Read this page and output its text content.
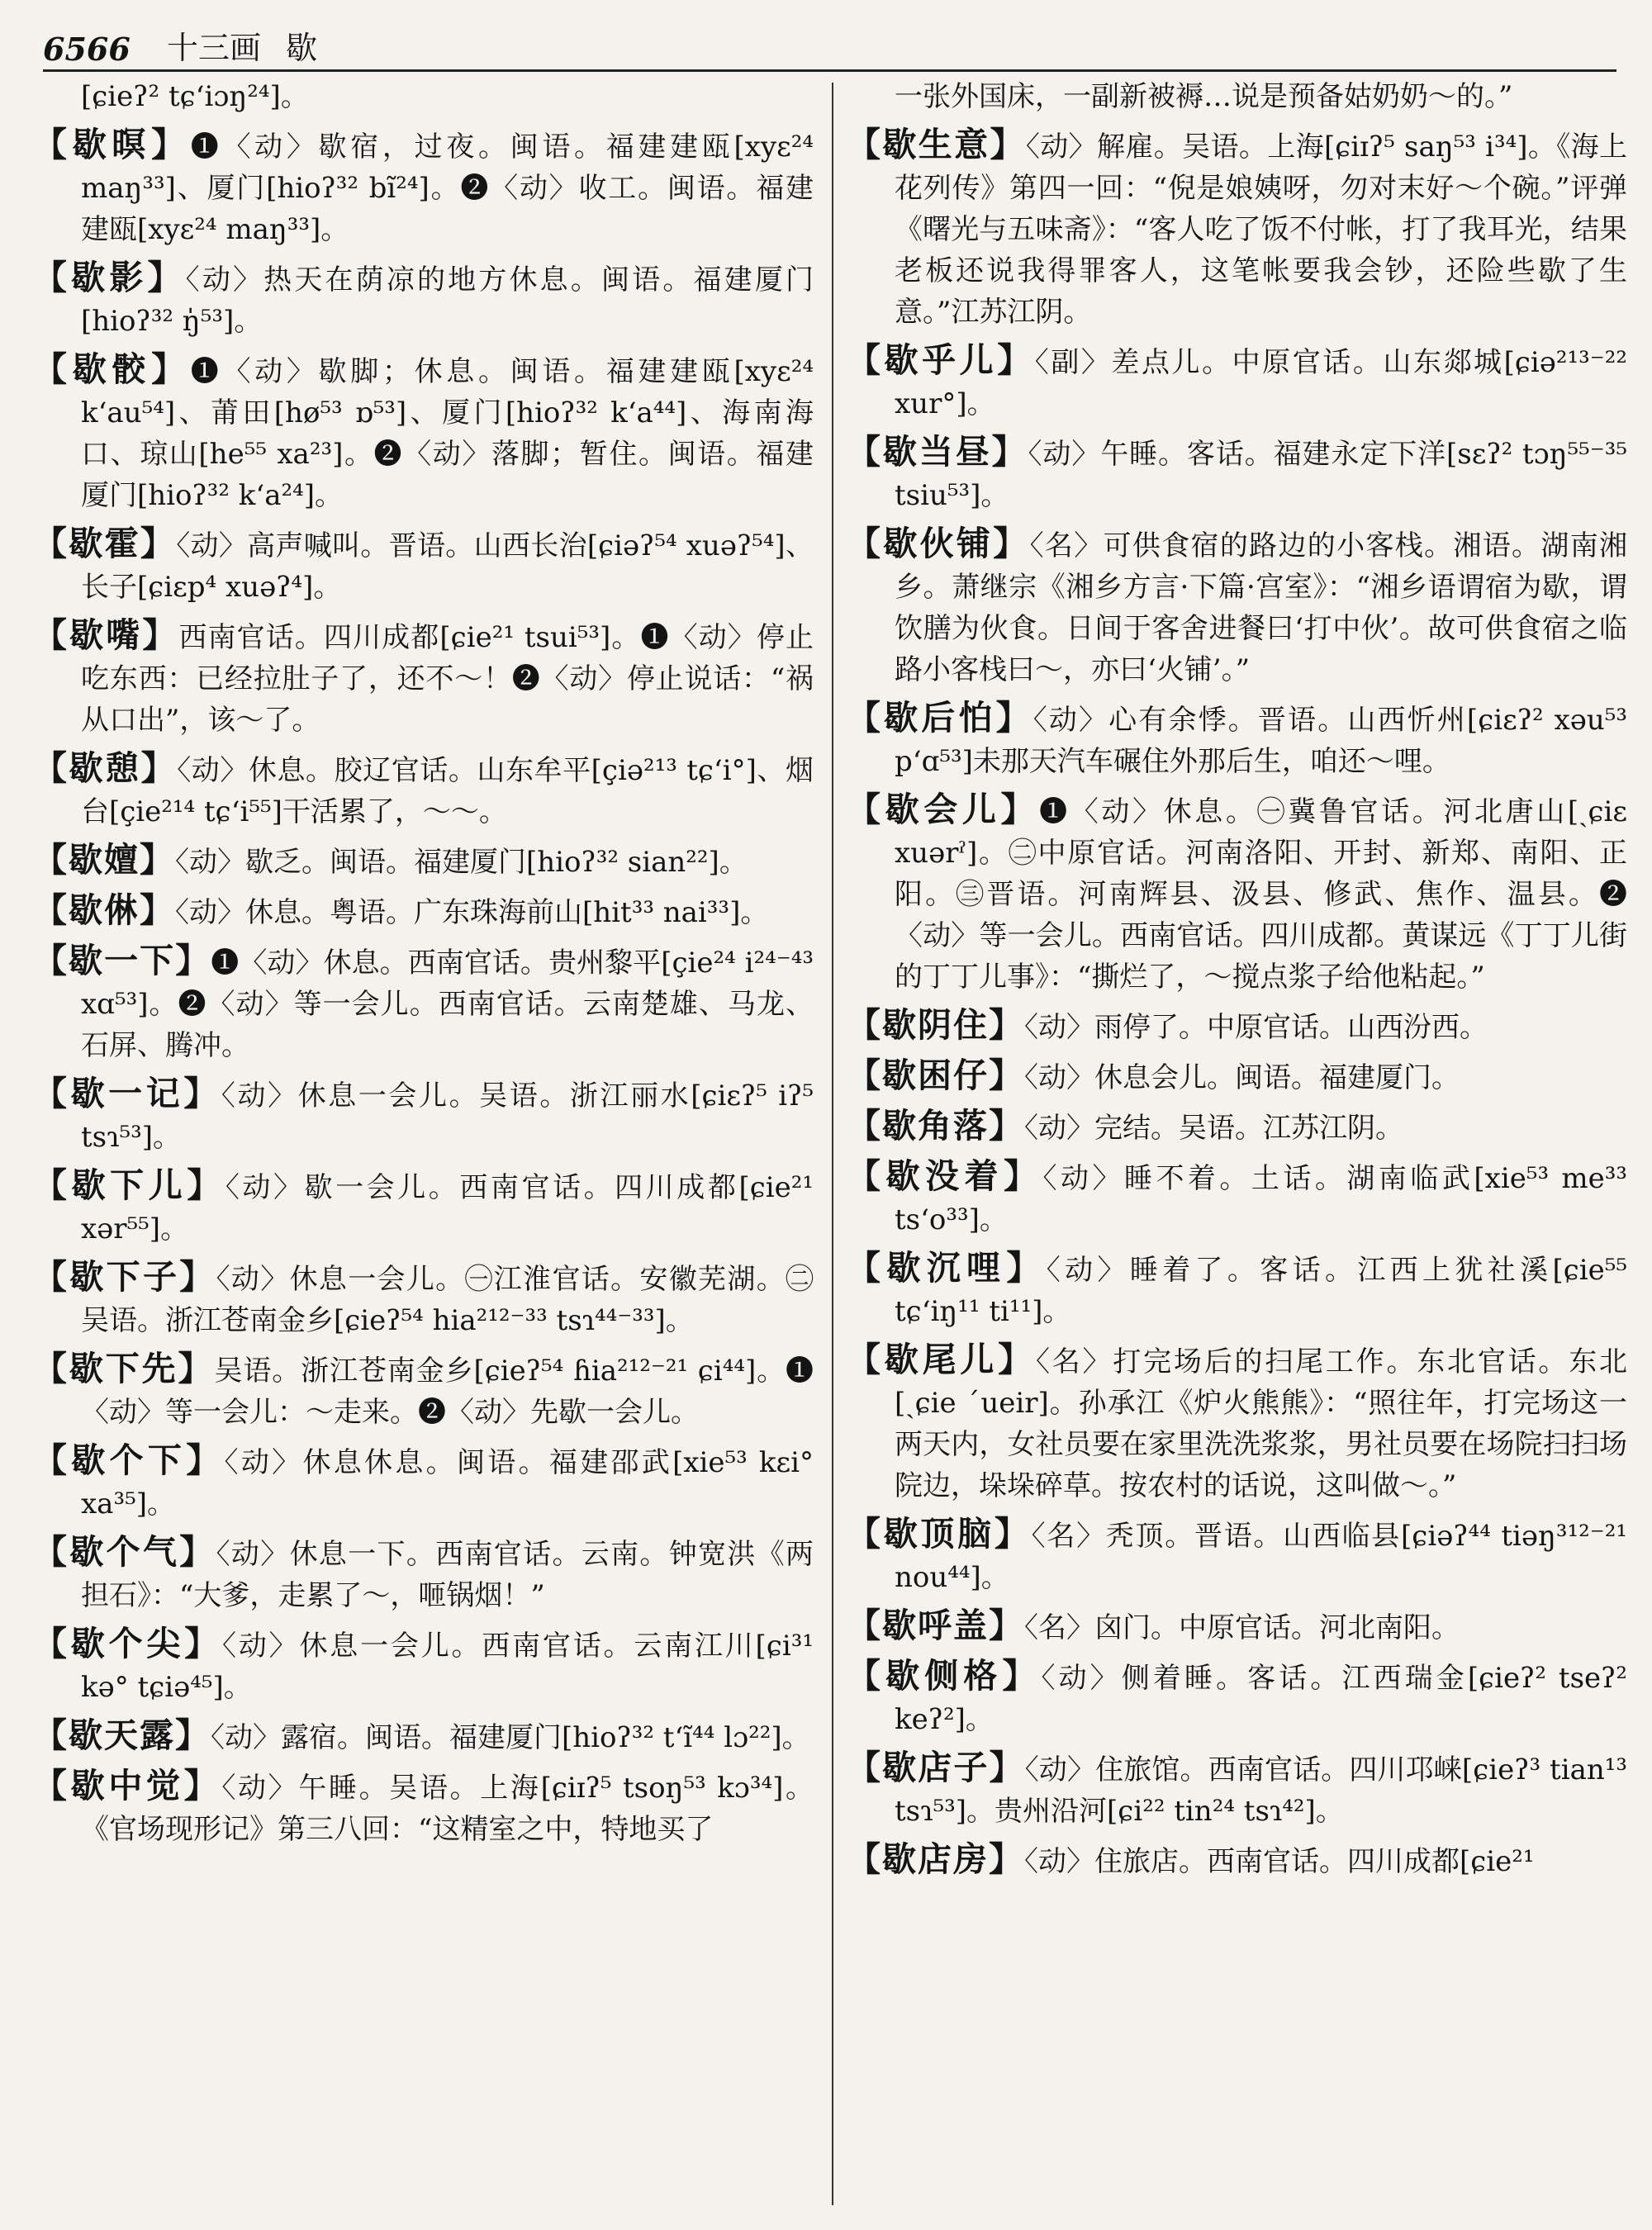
6566	十三画 歇
[ɕieʔ² tɕ‘iɔŋ²⁴]。
【歇暝】❶〈动〉歇宿，过夜。闽语。福建建瓯[xyɛ²⁴ maŋ³³]、厦门[hioʔ³² bĩ²⁴]。❷〈动〉收工。闽语。福建建瓯[xyɛ²⁴ maŋ³³]。
【歇影】〈动〉热天在荫凉的地方休息。闽语。福建厦门[hioʔ³² ŋ̍⁵³]。
【歇骹】❶〈动〉歇脚；休息。闽语。福建建瓯[xyɛ²⁴ k‘au⁵⁴]、莆田[hø⁵³ ɒ⁵³]、厦门[hioʔ³² k‘a⁴⁴]、海南海口、琼山[he⁵⁵ xa²³]。❷〈动〉落脚；暂住。闽语。福建厦门[hioʔ³² k‘a²⁴]。
【歇霍】〈动〉高声喊叫。晋语。山西长治[ɕiəʔ⁵⁴ xuəʔ⁵⁴]、长子[ɕiɛp⁴ xuəʔ⁴]。
【歇嘴】西南官话。四川成都[ɕie²¹ tsui⁵³]。❶〈动〉停止吃东西：已经拉肚子了，还不～！❷〈动〉停止说话：“祸从口出”，该～了。
【歇憩】〈动〉休息。胶辽官话。山东牟平[çiə²¹³ tɕ‘i°]、烟台[çie²¹⁴ tɕ‘i⁵⁵]干活累了，～～。
【歇嬗】〈动〉歇乏。闽语。福建厦门[hioʔ³² sian²²]。
【歇㑣】〈动〉休息。粤语。广东珠海前山[hit³³ nai³³]。
【歇一下】❶〈动〉休息。西南官话。贵州黎平[çie²⁴ i²⁴⁻⁴³ xɑ⁵³]。❷〈动〉等一会儿。西南官话。云南楚雄、马龙、石屏、腾冲。
【歇一记】〈动〉休息一会儿。吴语。浙江丽水[ɕiɛʔ⁵ iʔ⁵ tsɿ⁵³]。
【歇下儿】〈动〉歇一会儿。西南官话。四川成都[ɕie²¹ xər⁵⁵]。
【歇下子】〈动〉休息一会儿。㊀江淮官话。安徽芜湖。㊁吴语。浙江苍南金乡[ɕieʔ⁵⁴ hia²¹²⁻³³ tsɿ⁴⁴⁻³³]。
【歇下先】吴语。浙江苍南金乡[ɕieʔ⁵⁴ ɦia²¹²⁻²¹ ɕi⁴⁴]。❶〈动〉等一会儿：～走来。❷〈动〉先歇一会儿。
【歇个下】〈动〉休息休息。闽语。福建邵武[xie⁵³ kɛi° xa³⁵]。
【歇个气】〈动〉休息一下。西南官话。云南。钟宽洪《两担石》：“大爹，走累了～，咂锅烟！”
【歇个尖】〈动〉休息一会儿。西南官话。云南江川[ɕi³¹ kə° tɕiə⁴⁵]。
【歇天露】〈动〉露宿。闽语。福建厦门[hioʔ³² t‘ĩ⁴⁴ lɔ²²]。
【歇中觉】〈动〉午睡。吴语。上海[ɕiɪʔ⁵ tsoŋ⁵³ kɔ³⁴]。《官场现形记》第三八回：“这精室之中，特地买了
一张外国床，一副新被褥…说是预备姑奶奶～的。”
【歇生意】〈动〉解雇。吴语。上海[ɕiɪʔ⁵ saŋ⁵³ i³⁴]。《海上花列传》第四一回：“倪是娘姨呀，勿对末好～个碗。”评弹《曙光与五味斋》：“客人吃了饭不付帐，打了我耳光，结果老板还说我得罪客人，这笔帐要我会钞，还险些歇了生意。”江苏江阴。
【歇乎儿】〈副〉差点儿。中原官话。山东郯城[ɕiə²¹³⁻²² xur°]。
【歇当昼】〈动〉午睡。客话。福建永定下洋[sɛʔ² tɔŋ⁵⁵⁻³⁵ tsiu⁵³]。
【歇伙铺】〈名〉可供食宿的路边的小客栈。湘语。湖南湘乡。萧继宗《湘乡方言·下篇·宫室》：“湘乡语谓宿为歇，谓饮膳为伙食。日间于客舍进餐曰‘打中伙’。故可供食宿之临路小客栈曰～，亦曰‘火铺’。”
【歇后怕】〈动〉心有余悸。晋语。山西忻州[ɕiɛʔ² xəu⁵³ p‘ɑ⁵³]未那天汽车碾住外那后生，咱还～哩。
【歇会儿】❶〈动〉休息。㊀冀鲁官话。河北唐山[ˏɕiɛ xuərˀ]。㊁中原官话。河南洛阳、开封、新郑、南阳、正阳。㊂晋语。河南辉县、汲县、修武、焦作、温县。❷〈动〉等一会儿。西南官话。四川成都。黄谋远《丁丁儿街的丁丁儿事》：“撕烂了，～搅点浆子给他粘起。”
【歇阴住】〈动〉雨停了。中原官话。山西汾西。
【歇困仔】〈动〉休息会儿。闽语。福建厦门。
【歇角落】〈动〉完结。吴语。江苏江阴。
【歇没着】〈动〉睡不着。土话。湖南临武[xie⁵³ me³³ ts‘o³³]。
【歇沉哩】〈动〉睡着了。客话。江西上犹社溪[ɕie⁵⁵ tɕ‘iŋ¹¹ ti¹¹]。
【歇尾儿】〈名〉打完场后的扫尾工作。东北官话。东北[ˏɕie ˊueir]。孙承江《炉火熊熊》：“照往年，打完场这一两天内，女社员要在家里洗洗浆浆，男社员要在场院扫扫场院边，垛垛碎草。按农村的话说，这叫做～。”
【歇顶脑】〈名〉秃顶。晋语。山西临县[ɕiəʔ⁴⁴ tiəŋ³¹²⁻²¹ nou⁴⁴]。
【歇呼盖】〈名〉囟门。中原官话。河北南阳。
【歇侧格】〈动〉侧着睡。客话。江西瑞金[ɕieʔ² tseʔ² keʔ²]。
【歇店子】〈动〉住旅馆。西南官话。四川邛崃[ɕieʔ³ tian¹³ tsɿ⁵³]。贵州沿河[ɕi²² tin²⁴ tsɿ⁴²]。
【歇店房】〈动〉住旅店。西南官话。四川成都[ɕie²¹
